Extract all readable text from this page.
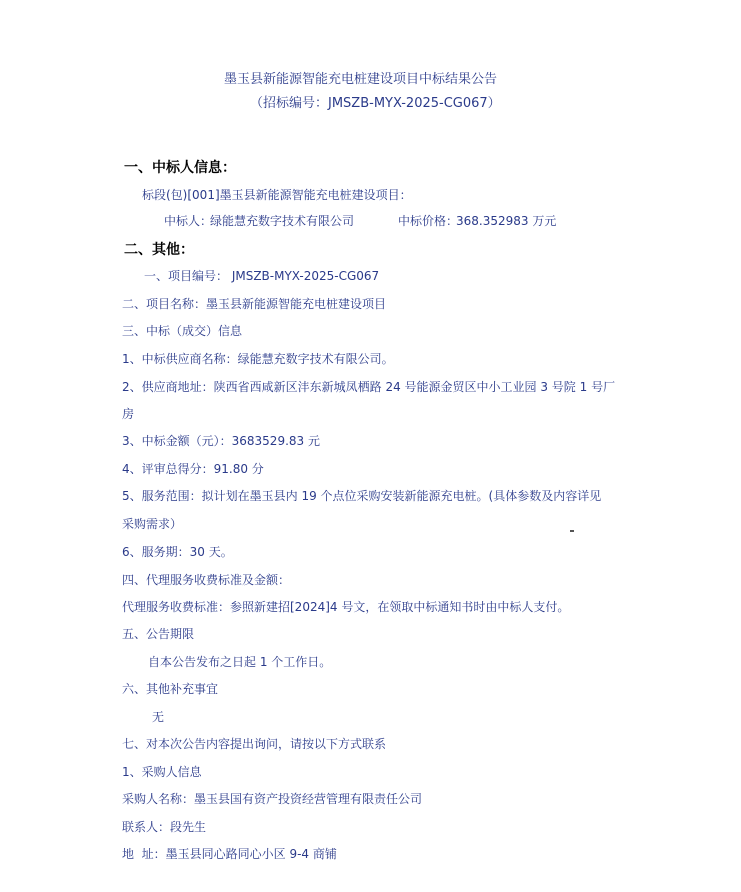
墨玉县新能源智能充电桩建设项目中标结果公告
（招标编号：JMSZB-MYX-2025-CG067）
一、中标人信息：
标段(包)[001]墨玉县新能源智能充电桩建设项目：
中标人：
绿能慧充数字技术有限公司	中标价格：
368.352983 万元
二、其他：
一、项目编号： JMSZB-MYX-2025-CG067
二、项目名称：墨玉县新能源智能充电桩建设项目
三、中标（成交）信息
1、中标供应商名称：绿能慧充数字技术有限公司。
2、供应商地址：陕西省西咸新区沣东新城凤栖路 24 号能源金贸区中小工业园 3 号院 1 号厂
房
3、中标金额（元）：3683529.83 元
4、评审总得分：91.80 分
5、服务范围：拟计划在墨玉县内 19 个点位采购安装新能源充电桩。(具体参数及内容详见
采购需求）
6、服务期：30 天。
四、代理服务收费标准及金额：
代理服务收费标准：参照新建招[2024]4 号文，在领取中标通知书时由中标人支付。
五、公告期限
自本公告发布之日起 1 个工作日。
六、其他补充事宜
无
七、对本次公告内容提出询问，请按以下方式联系
1、采购人信息
采购人名称：墨玉县国有资产投资经营管理有限责任公司
联系人：段先生
地  址：墨玉县同心路同心小区 9-4 商铺
